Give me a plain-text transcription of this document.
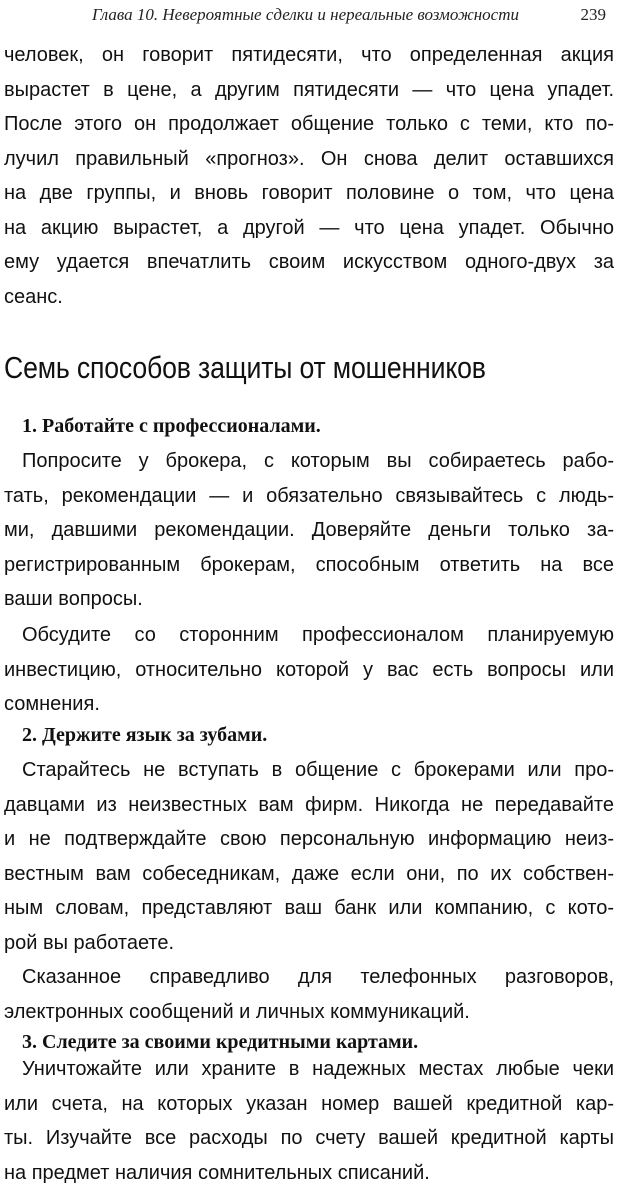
Глава 10. Невероятные сделки и нереальные возможности	239
человек, он говорит пятидесяти, что определенная акция
вырастет в цене, а другим пятидесяти — что цена упадет.
После этого он продолжает общение только с теми, кто по-
лучил правильный «прогноз». Он снова делит оставшихся
на две группы, и вновь говорит половине о том, что цена
на акцию вырастет, а другой — что цена упадет. Обычно
ему удается впечатлить своим искусством одного-двух за
сеанс.
Семь способов защиты от мошенников
1. Работайте с профессионалами.
Попросите у брокера, с которым вы собираетесь рабо-
тать, рекомендации — и обязательно связывайтесь с людь-
ми, давшими рекомендации. Доверяйте деньги только за-
регистрированным брокерам, способным ответить на все
ваши вопросы.
Обсудите со сторонним профессионалом планируемую
инвестицию, относительно которой у вас есть вопросы или
сомнения.
2. Держите язык за зубами.
Старайтесь не вступать в общение с брокерами или про-
давцами из неизвестных вам фирм. Никогда не передавайте
и не подтверждайте свою персональную информацию неиз-
вестным вам собеседникам, даже если они, по их собствен-
ным словам, представляют ваш банк или компанию, с кото-
рой вы работаете.
Сказанное справедливо для телефонных разговоров,
электронных сообщений и личных коммуникаций.
3. Следите за своими кредитными картами.
Уничтожайте или храните в надежных местах любые чеки
или счета, на которых указан номер вашей кредитной кар-
ты. Изучайте все расходы по счету вашей кредитной карты
на предмет наличия сомнительных списаний.
